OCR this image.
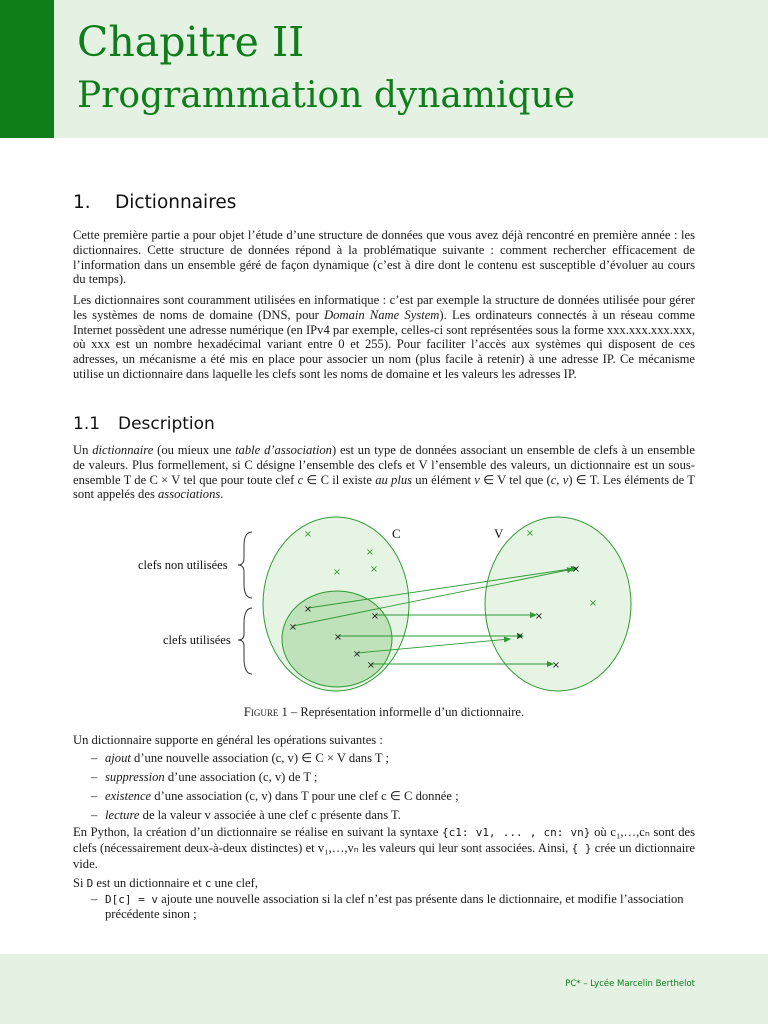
Chapitre II
Programmation dynamique
1. Dictionnaires

Cette première partie a pour objet l’étude d’une structure de données que vous avez déjà rencontré en première année : les dictionnaires. Cette structure de données répond à la problématique suivante : comment rechercher efficacement de l’information dans un ensemble géré de façon dynamique (c’est à dire dont le contenu est susceptible d’évoluer au cours du temps).

Les dictionnaires sont couramment utilisées en informatique : c’est par exemple la structure de données utilisée pour gérer les systèmes de noms de domaine (DNS, pour Domain Name System). Les ordinateurs connectés à un réseau comme Internet possèdent une adresse numérique (en IPv4 par exemple, celles-ci sont représentées sous la forme xxx.xxx.xxx.xxx, où xxx est un nombre hexadécimal variant entre 0 et 255). Pour faciliter l’accès aux systèmes qui disposent de ces adresses, un mécanisme a été mis en place pour associer un nom (plus facile à retenir) à une adresse IP. Ce mécanisme utilise un dictionnaire dans laquelle les clefs sont les noms de domaine et les valeurs les adresses IP.

1.1 Description

Un dictionnaire (ou mieux une table d’association) est un type de données associant un ensemble de clefs à un ensemble de valeurs. Plus formellement, si C désigne l’ensemble des clefs et V l’ensemble des valeurs, un dictionnaire est un sous-ensemble T de C × V tel que pour toute clef c ∈ C il existe au plus un élément v ∈ V tel que (c, v) ∈ T. Les éléments de T sont appelés des associations.

Un dictionnaire supporte en général les opérations suivantes :

– ajout d’une nouvelle association (c, v) ∈ C × V dans T ;
– suppression d’une association (c, v) de T ;
– existence d’une association (c, v) dans T pour une clef c ∈ C donnée ;
– lecture de la valeur v associée à une clef c présente dans T.

En Python, la création d’un dictionnaire se réalise en suivant la syntaxe {c1: v1, ... , cn: vn} où c₁,…,cₙ sont des clefs (nécessairement deux-à-deux distinctes) et v₁,…,vₙ les valeurs qui leur sont associées. Ainsi, { } crée un dictionnaire vide.

Si D est un dictionnaire et c une clef,

– D[c] = v ajoute une nouvelle association si la clef n’est pas présente dans le dictionnaire, et modifie l’association précédente sinon ;
C	V
clefs non utilisées
clefs utilisées
×
×
×	×
×
×
×
×
×
×
×
×
×
×
×
×
Figure 1 – Représentation informelle d’un dictionnaire.
PC* – Lycée Marcelin Berthelot
